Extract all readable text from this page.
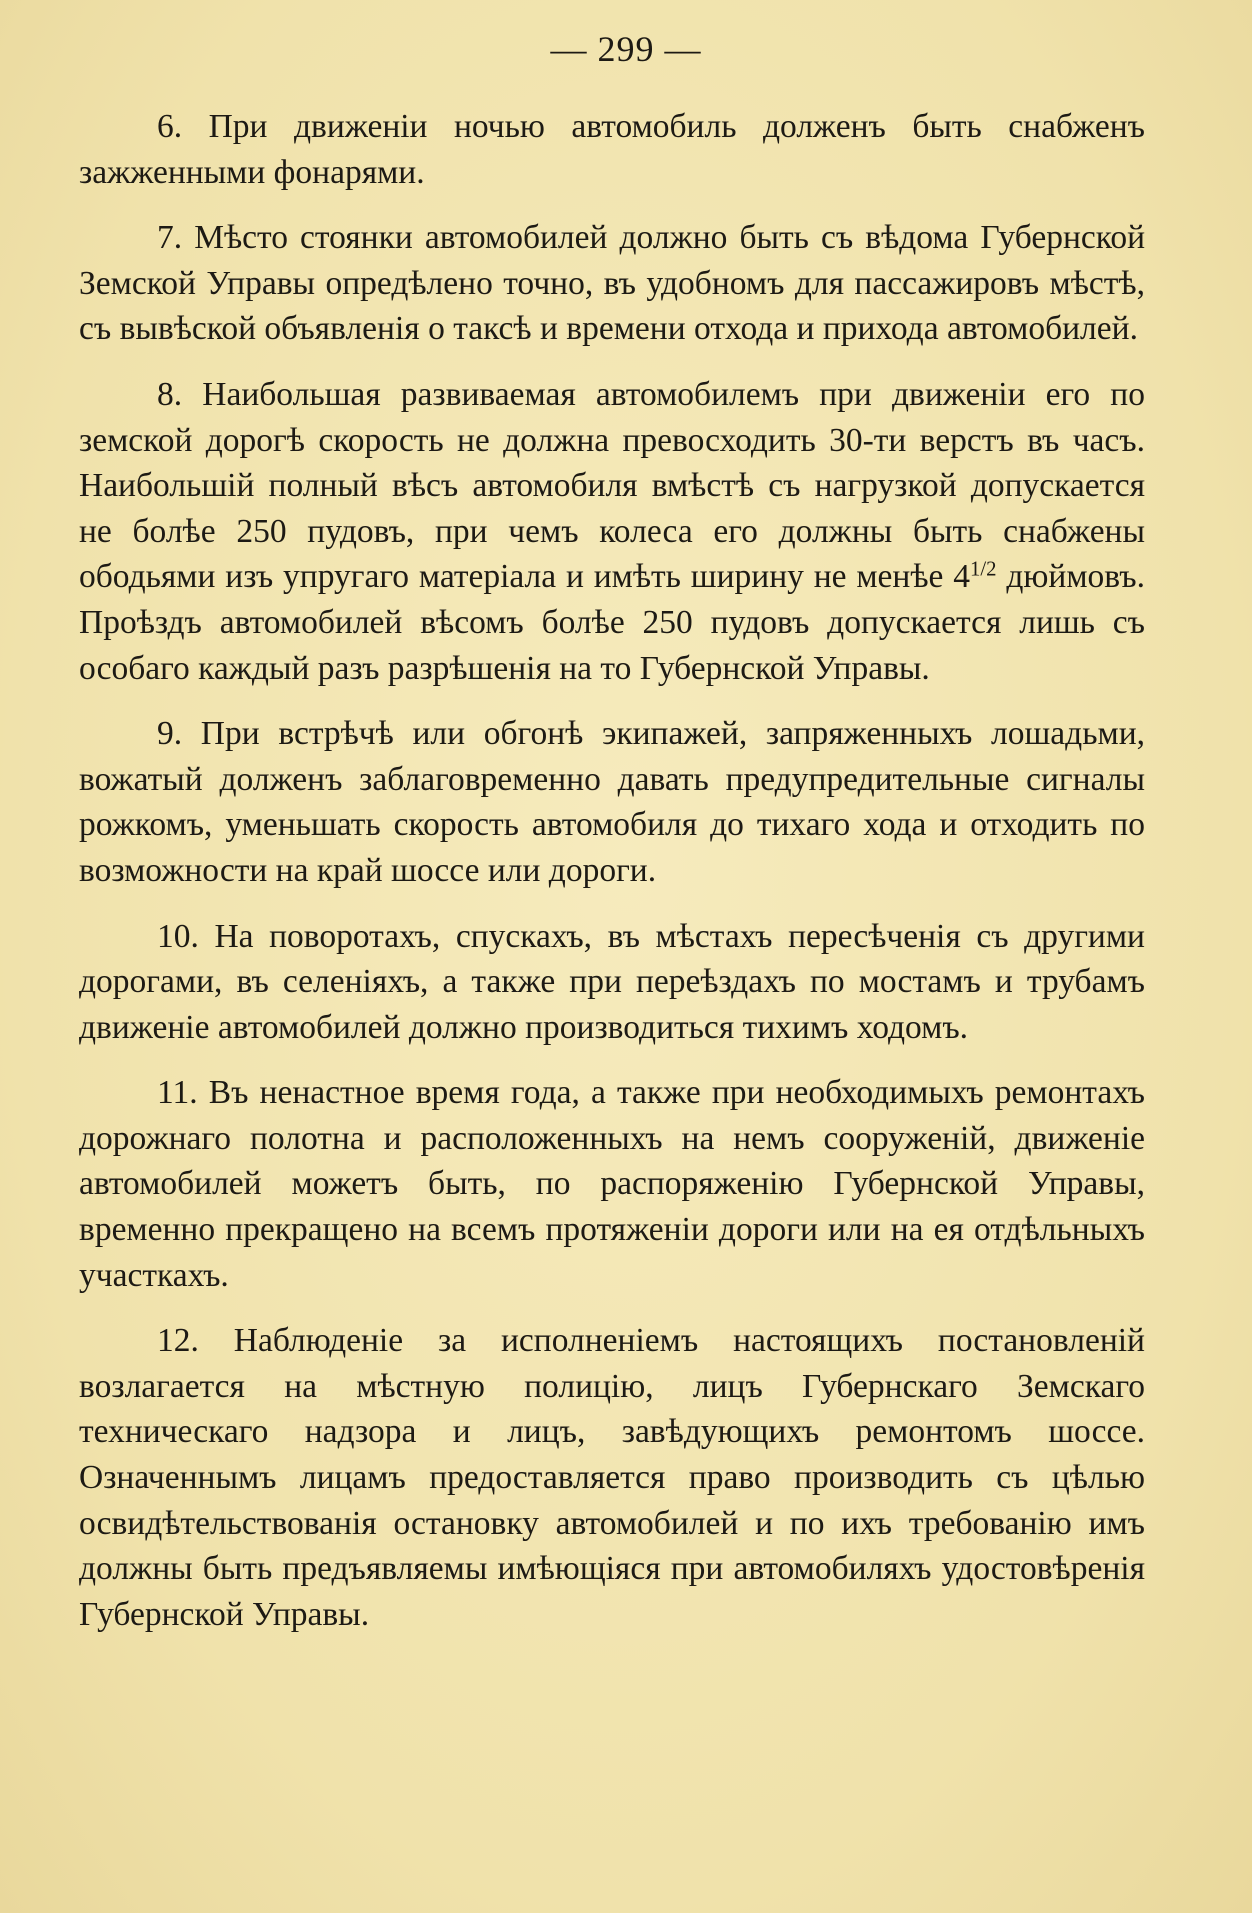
— 299 —

6. При движеніи ночью автомобиль долженъ быть снабженъ зажженными фонарями.

7. Мѣсто стоянки автомобилей должно быть съ вѣдома Губернской Земской Управы опредѣлено точно, въ удобномъ для пассажировъ мѣстѣ, съ вывѣской объявленія о таксѣ и времени отхода и прихода автомобилей.

8. Наибольшая развиваемая автомобилемъ при движеніи его по земской дорогѣ скорость не должна превосходить 30-ти верстъ въ часъ. Наибольшій полный вѣсъ автомобиля вмѣстѣ съ нагрузкой допускается не болѣе 250 пудовъ, при чемъ колеса его должны быть снабжены ободьями изъ упругаго матеріала и имѣть ширину не менѣе $4^{1/2}$ дюймовъ. Проѣздъ автомобилей вѣсомъ болѣе 250 пудовъ допускается лишь съ особаго каждый разъ разрѣшенія на то Губернской Управы.

9. При встрѣчѣ или обгонѣ экипажей, запряженныхъ лошадьми, вожатый долженъ заблаговременно давать предупредительные сигналы рожкомъ, уменьшать скорость автомобиля до тихаго хода и отходить по возможности на край шоссе или дороги.

10. На поворотахъ, спускахъ, въ мѣстахъ пересѣченія съ другими дорогами, въ селеніяхъ, а также при переѣздахъ по мостамъ и трубамъ движеніе автомобилей должно производиться тихимъ ходомъ.

11. Въ ненастное время года, а также при необходимыхъ ремонтахъ дорожнаго полотна и расположенныхъ на немъ сооруженій, движеніе автомобилей можетъ быть, по распоряженію Губернской Управы, временно прекращено на всемъ протяженіи дороги или на ея отдѣльныхъ участкахъ.

12. Наблюденіе за исполненіемъ настоящихъ постановленій возлагается на мѣстную полицію, лицъ Губернскаго Земскаго техническаго надзора и лицъ, завѣдующихъ ремонтомъ шоссе. Означеннымъ лицамъ предоставляется право производить съ цѣлью освидѣтельствованія остановку автомобилей и по ихъ требованію имъ должны быть предъявляемы имѣющіяся при автомобиляхъ удостовѣренія Губернской Управы.
